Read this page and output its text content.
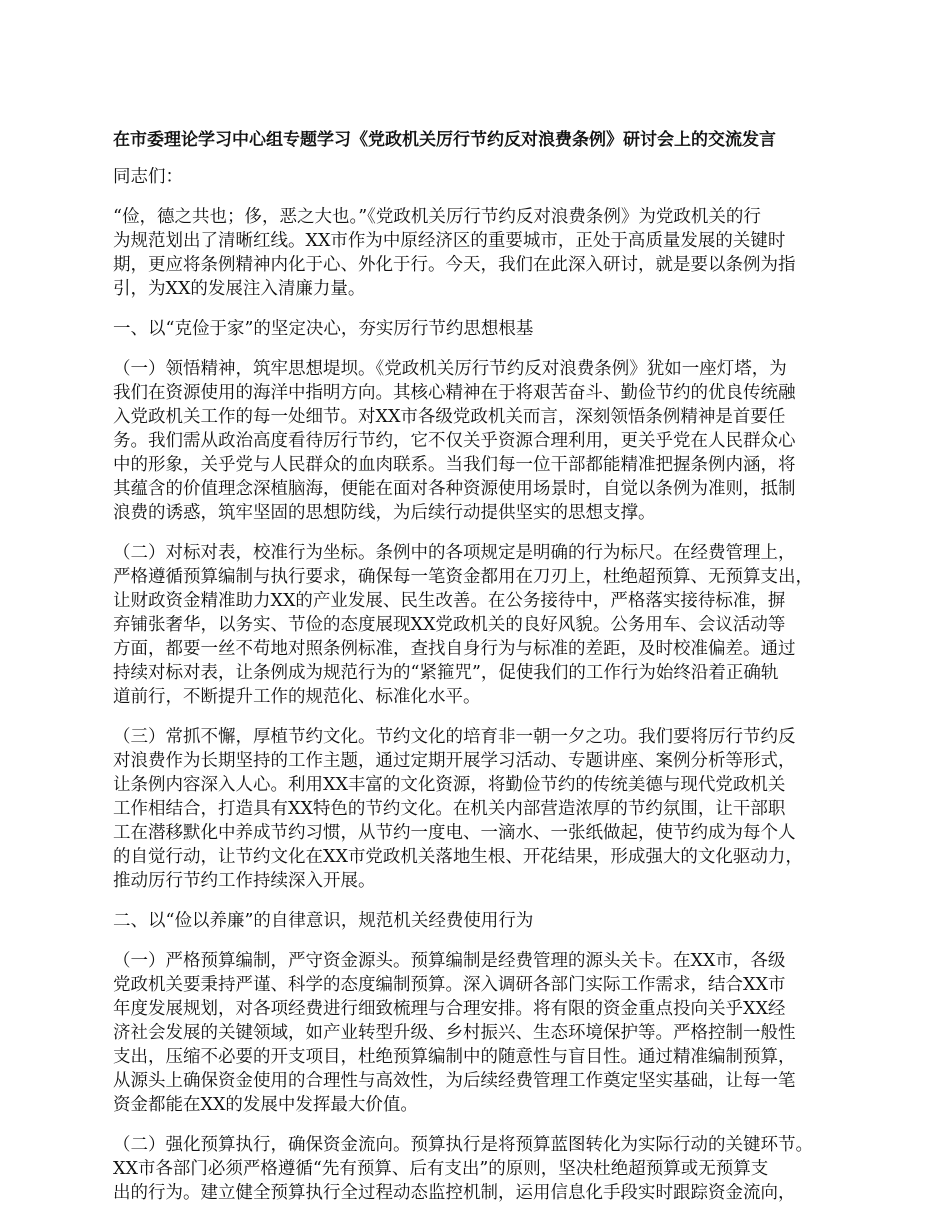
在市委理论学习中心组专题学习《党政机关厉行节约反对浪费条例》研讨会上的交流发言
同志们：
“俭，德之共也；侈，恶之大也。”《党政机关厉行节约反对浪费条例》为党政机关的行
为规范划出了清晰红线。XX市作为中原经济区的重要城市，正处于高质量发展的关键时
期，更应将条例精神内化于心、外化于行。今天，我们在此深入研讨，就是要以条例为指
引，为XX的发展注入清廉力量。
一、以“克俭于家”的坚定决心，夯实厉行节约思想根基
（一）领悟精神，筑牢思想堤坝。《党政机关厉行节约反对浪费条例》犹如一座灯塔，为
我们在资源使用的海洋中指明方向。其核心精神在于将艰苦奋斗、勤俭节约的优良传统融
入党政机关工作的每一处细节。对XX市各级党政机关而言，深刻领悟条例精神是首要任
务。我们需从政治高度看待厉行节约，它不仅关乎资源合理利用，更关乎党在人民群众心
中的形象，关乎党与人民群众的血肉联系。当我们每一位干部都能精准把握条例内涵，将
其蕴含的价值理念深植脑海，便能在面对各种资源使用场景时，自觉以条例为准则，抵制
浪费的诱惑，筑牢坚固的思想防线，为后续行动提供坚实的思想支撑。
（二）对标对表，校准行为坐标。条例中的各项规定是明确的行为标尺。在经费管理上，
严格遵循预算编制与执行要求，确保每一笔资金都用在刀刃上，杜绝超预算、无预算支出，
让财政资金精准助力XX的产业发展、民生改善。在公务接待中，严格落实接待标准，摒
弃铺张奢华，以务实、节俭的态度展现XX党政机关的良好风貌。公务用车、会议活动等
方面，都要一丝不苟地对照条例标准，查找自身行为与标准的差距，及时校准偏差。通过
持续对标对表，让条例成为规范行为的“紧箍咒”，促使我们的工作行为始终沿着正确轨
道前行，不断提升工作的规范化、标准化水平。
（三）常抓不懈，厚植节约文化。节约文化的培育非一朝一夕之功。我们要将厉行节约反
对浪费作为长期坚持的工作主题，通过定期开展学习活动、专题讲座、案例分析等形式，
让条例内容深入人心。利用XX丰富的文化资源，将勤俭节约的传统美德与现代党政机关
工作相结合，打造具有XX特色的节约文化。在机关内部营造浓厚的节约氛围，让干部职
工在潜移默化中养成节约习惯，从节约一度电、一滴水、一张纸做起，使节约成为每个人
的自觉行动，让节约文化在XX市党政机关落地生根、开花结果，形成强大的文化驱动力，
推动厉行节约工作持续深入开展。
二、以“俭以养廉”的自律意识，规范机关经费使用行为
（一）严格预算编制，严守资金源头。预算编制是经费管理的源头关卡。在XX市，各级
党政机关要秉持严谨、科学的态度编制预算。深入调研各部门实际工作需求，结合XX市
年度发展规划，对各项经费进行细致梳理与合理安排。将有限的资金重点投向关乎XX经
济社会发展的关键领域，如产业转型升级、乡村振兴、生态环境保护等。严格控制一般性
支出，压缩不必要的开支项目，杜绝预算编制中的随意性与盲目性。通过精准编制预算，
从源头上确保资金使用的合理性与高效性，为后续经费管理工作奠定坚实基础，让每一笔
资金都能在XX的发展中发挥最大价值。
（二）强化预算执行，确保资金流向。预算执行是将预算蓝图转化为实际行动的关键环节。
XX市各部门必须严格遵循“先有预算、后有支出”的原则，坚决杜绝超预算或无预算支
出的行为。建立健全预算执行全过程动态监控机制，运用信息化手段实时跟踪资金流向，
